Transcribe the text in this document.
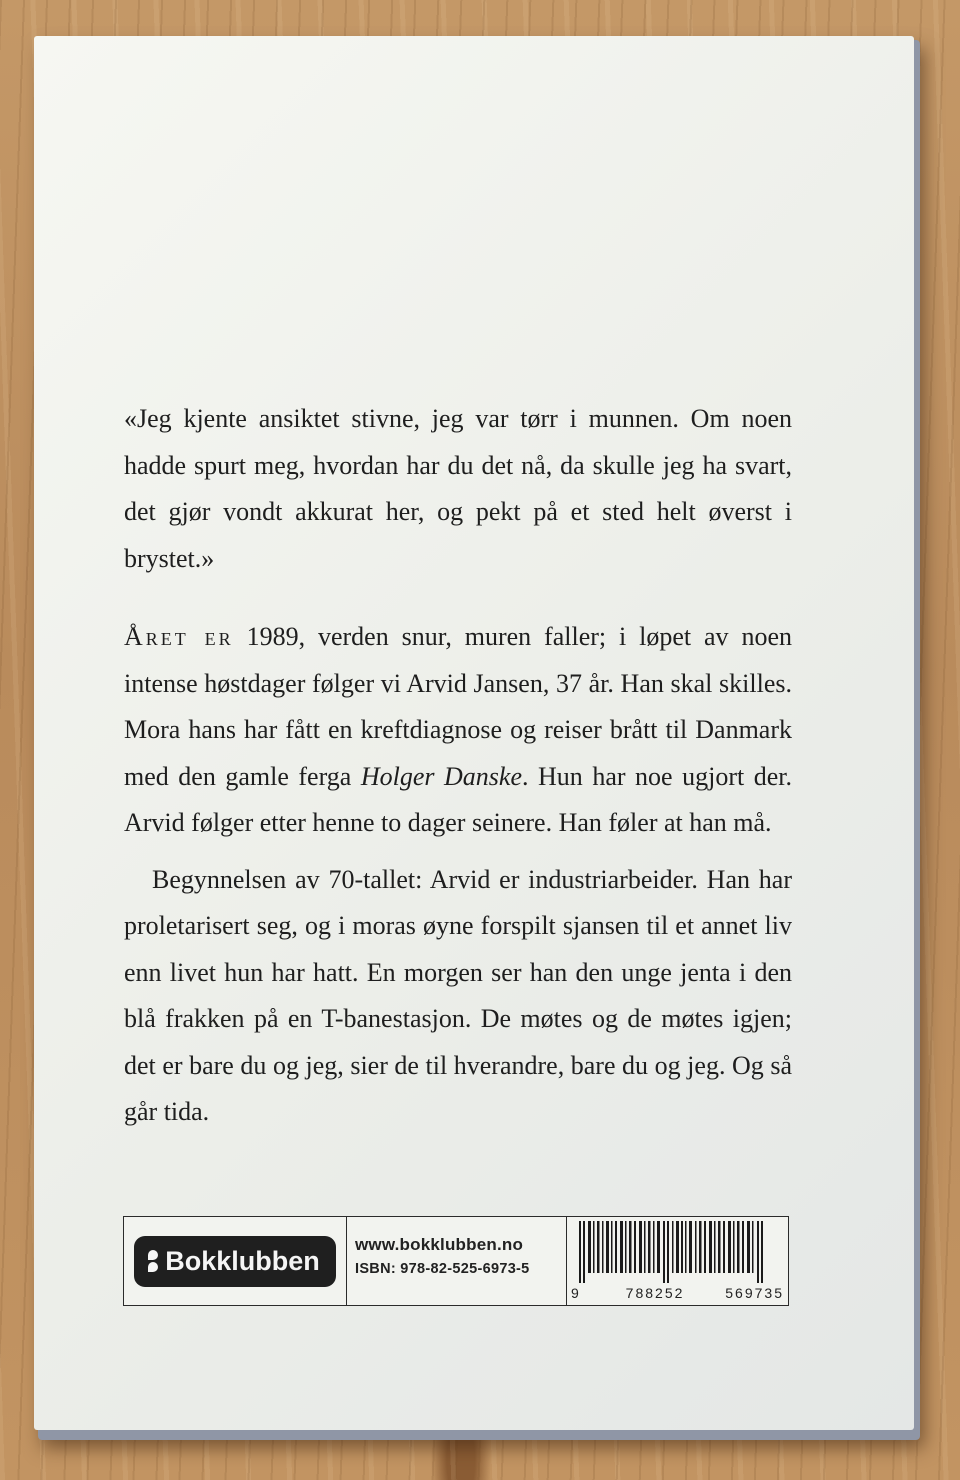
«Jeg kjente ansiktet stivne, jeg var tørr i munnen. Om noen hadde spurt meg, hvordan har du det nå, da skulle jeg ha svart, det gjør vondt akkurat her, og pekt på et sted helt øverst i brystet.»

Året er 1989, verden snur, muren faller; i løpet av noen intense høstdager følger vi Arvid Jansen, 37 år. Han skal skilles. Mora hans har fått en kreftdiagnose og reiser brått til Danmark med den gamle ferga Holger Danske. Hun har noe ugjort der. Arvid følger etter henne to dager seinere. Han føler at han må.

Begynnelsen av 70-tallet: Arvid er industriarbeider. Han har proletarisert seg, og i moras øyne forspilt sjansen til et annet liv enn livet hun har hatt. En morgen ser han den unge jenta i den blå frakken på en T-banestasjon. De møtes og de møtes igjen; det er bare du og jeg, sier de til hverandre, bare du og jeg. Og så går tida.

Bokklubben
www.bokklubben.no
ISBN: 978-82-525-6973-5
9	788252	569735
